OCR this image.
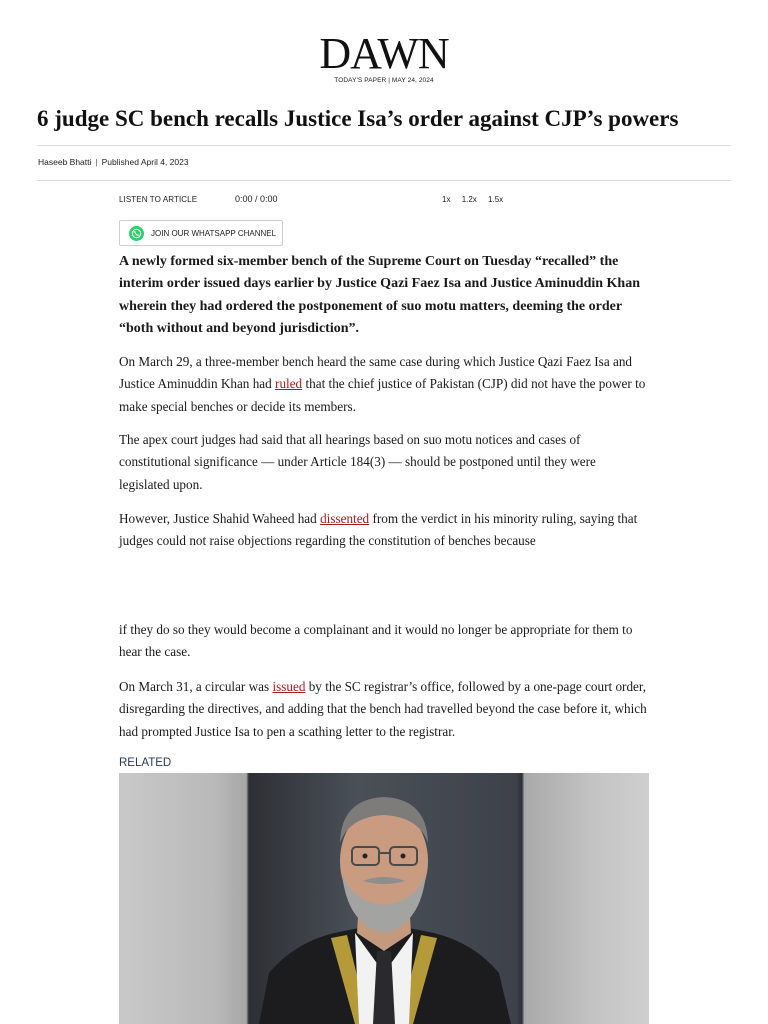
DAWN
TODAY'S PAPER | MAY 24, 2024
6 judge SC bench recalls Justice Isa’s order against CJP’s powers
Haseeb Bhatti | Published April 4, 2023
LISTEN TO ARTICLE	0:00 / 0:00	1x 1.2x 1.5x
JOIN OUR WHATSAPP CHANNEL

A newly formed six-member bench of the Supreme Court on Tuesday “recalled” the interim order issued days earlier by Justice Qazi Faez Isa and Justice Aminuddin Khan wherein they had ordered the postponement of suo motu matters, deeming the order “both without and beyond jurisdiction”.

On March 29, a three-member bench heard the same case during which Justice Qazi Faez Isa and Justice Aminuddin Khan had ruled that the chief justice of Pakistan (CJP) did not have the power to make special benches or decide its members.

The apex court judges had said that all hearings based on suo motu notices and cases of constitutional significance — under Article 184(3) — should be postponed until they were legislated upon.

However, Justice Shahid Waheed had dissented from the verdict in his minority ruling, saying that judges could not raise objections regarding the constitution of benches because

if they do so they would become a complainant and it would no longer be appropriate for them to hear the case.

On March 31, a circular was issued by the SC registrar’s office, followed by a one-page court order, disregarding the directives, and adding that the bench had travelled beyond the case before it, which had prompted Justice Isa to pen a scathing letter to the registrar.

RELATED
